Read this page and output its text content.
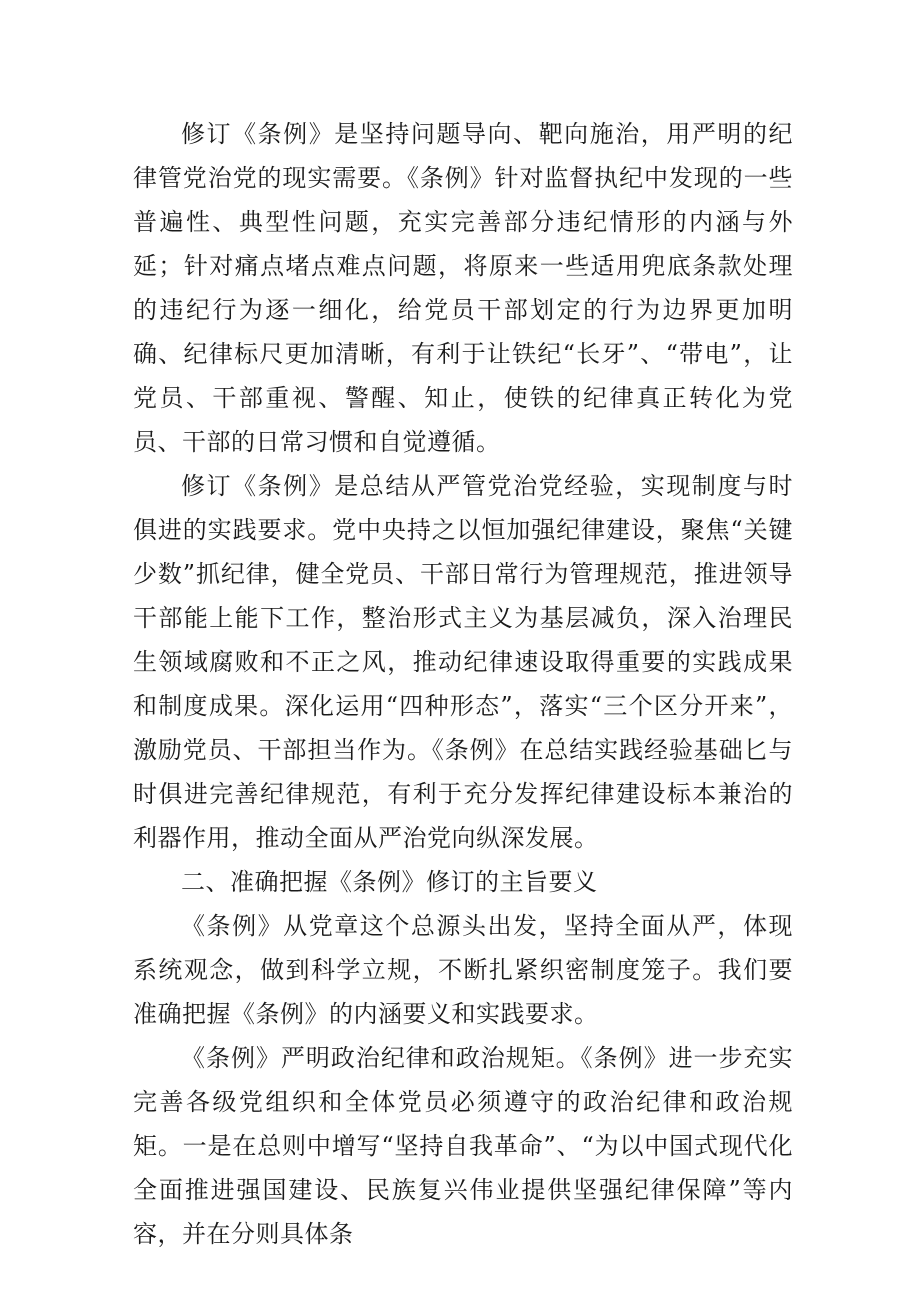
修订《条例》是坚持问题导向、靶向施治，用严明的纪律管党治党的现实需要。《条例》针对监督执纪中发现的一些普遍性、典型性问题，充实完善部分违纪情形的内涵与外延；针对痛点堵点难点问题，将原来一些适用兜底条款处理的违纪行为逐一细化，给党员干部划定的行为边界更加明确、纪律标尺更加清晰，有利于让铁纪“长牙”、“带电”，让党员、干部重视、警醒、知止，使铁的纪律真正转化为党员、干部的日常习惯和自觉遵循。

修订《条例》是总结从严管党治党经验，实现制度与时俱进的实践要求。党中央持之以恒加强纪律建设，聚焦“关键少数”抓纪律，健全党员、干部日常行为管理规范，推进领导干部能上能下工作，整治形式主义为基层减负，深入治理民生领域腐败和不正之风，推动纪律速设取得重要的实践成果和制度成果。深化运用“四种形态”，落实“三个区分开来”，激励党员、干部担当作为。《条例》在总结实践经验基础匕与时俱进完善纪律规范，有利于充分发挥纪律建设标本兼治的利器作用，推动全面从严治党向纵深发展。

二、准确把握《条例》修订的主旨要义

《条例》从党章这个总源头出发，坚持全面从严，体现系统观念，做到科学立规，不断扎紧织密制度笼子。我们要准确把握《条例》的内涵要义和实践要求。

《条例》严明政治纪律和政治规矩。《条例》进一步充实完善各级党组织和全体党员必须遵守的政治纪律和政治规矩。一是在总则中增写“坚持自我革命”、“为以中国式现代化全面推进强国建设、民族复兴伟业提供坚强纪律保障”等内容，并在分则具体条
